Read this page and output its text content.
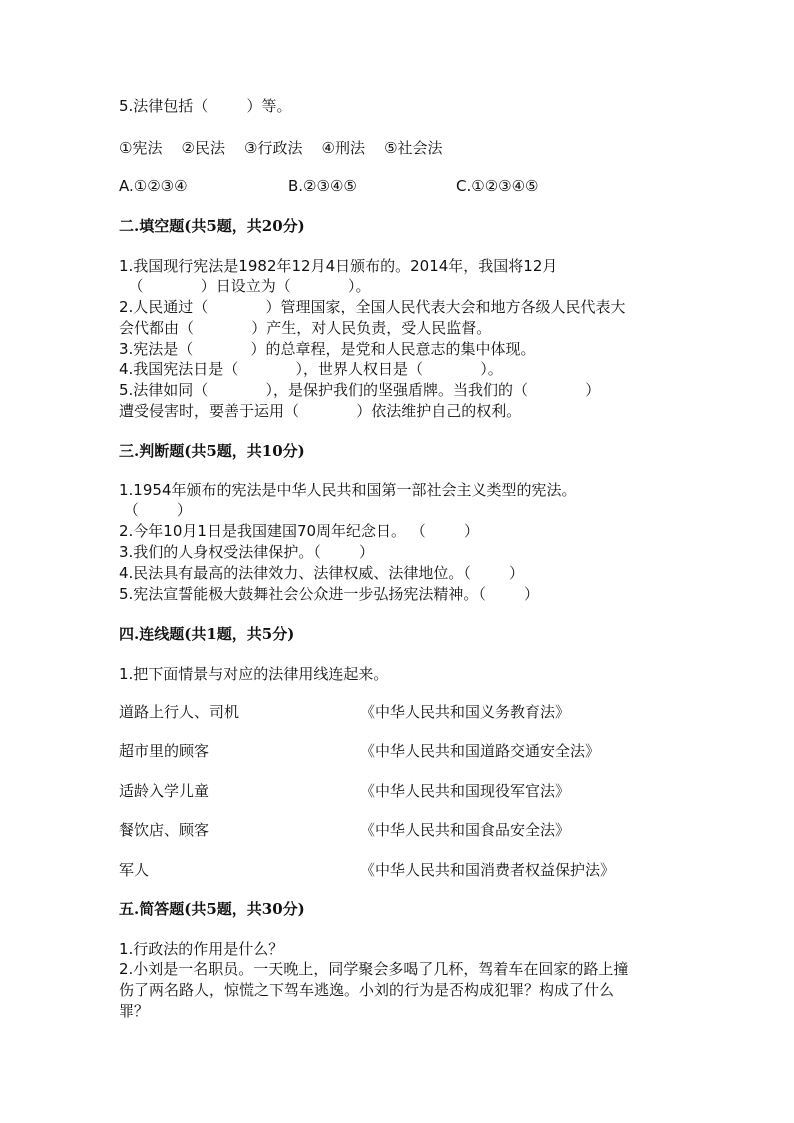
5.法律包括（        ）等。
①宪法    ②民法    ③行政法    ④刑法    ⑤社会法
A.①②③④	B.②③④⑤	C.①②③④⑤
二.填空题(共5题，共20分)
1.我国现行宪法是1982年12月4日颁布的。2014年，我国将12月
（            ）日设立为（            ）。
2.人民通过（            ）管理国家，全国人民代表大会和地方各级人民代表大
会代都由（            ）产生，对人民负责，受人民监督。
3.宪法是（            ）的总章程，是党和人民意志的集中体现。
4.我国宪法日是（            ），世界人权日是（            ）。
5.法律如同（            ），是保护我们的坚强盾牌。当我们的（            ）
遭受侵害时，要善于运用（            ）依法维护自己的权利。
三.判断题(共5题，共10分)
1.1954年颁布的宪法是中华人民共和国第一部社会主义类型的宪法。
（        ）
2.今年10月1日是我国建国70周年纪念日。 （        ）
3.我们的人身权受法律保护。（        ）
4.民法具有最高的法律效力、法律权威、法律地位。（        ）
5.宪法宣誓能极大鼓舞社会公众进一步弘扬宪法精神。（        ）
四.连线题(共1题，共5分)
1.把下面情景与对应的法律用线连起来。
道路上行人、司机	《中华人民共和国义务教育法》
超市里的顾客	《中华人民共和国道路交通安全法》
适龄入学儿童	《中华人民共和国现役军官法》
餐饮店、顾客	《中华人民共和国食品安全法》
军人	《中华人民共和国消费者权益保护法》
五.简答题(共5题，共30分)
1.行政法的作用是什么？
2.小刘是一名职员。一天晚上，同学聚会多喝了几杯，驾着车在回家的路上撞
伤了两名路人，惊慌之下驾车逃逸。小刘的行为是否构成犯罪？构成了什么
罪？
